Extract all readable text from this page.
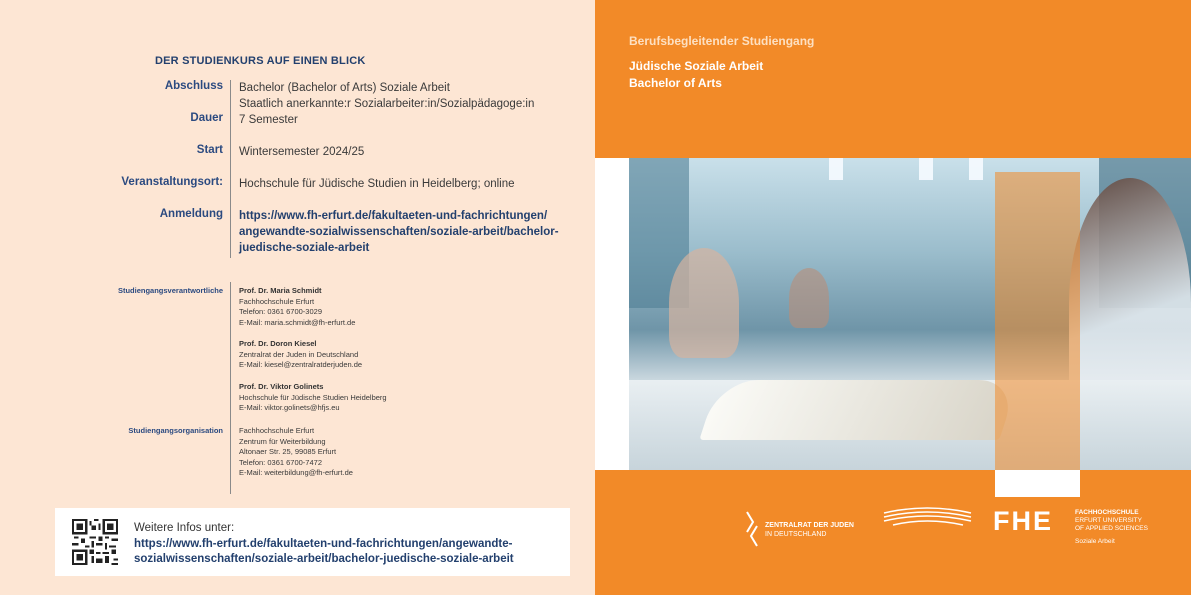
DER STUDIENKURS AUF EINEN BLICK
Abschluss Bachelor (Bachelor of Arts) Soziale Arbeit
Staatlich anerkannte:r Sozialarbeiter:in/Sozialpädagoge:in
Dauer 7 Semester
Start Wintersemester 2024/25
Veranstaltungsort: Hochschule für Jüdische Studien in Heidelberg; online
Anmeldung https://www.fh-erfurt.de/fakultaeten-und-fachrichtungen/
angewandte-sozialwissenschaften/soziale-arbeit/bachelor-
juedische-soziale-arbeit
Studiengangsverantwortliche Prof. Dr. Maria Schmidt
Fachhochschule Erfurt
Telefon: 0361 6700-3029
E-Mail: maria.schmidt@fh-erfurt.de
Prof. Dr. Doron Kiesel
Zentralrat der Juden in Deutschland
E-Mail: kiesel@zentralratderjuden.de
Prof. Dr. Viktor Golinets
Hochschule für Jüdische Studien Heidelberg
E-Mail: viktor.golinets@hfjs.eu
Studiengangsorganisation Fachhochschule Erfurt
Zentrum für Weiterbildung
Altonaer Str. 25, 99085 Erfurt
Telefon: 0361 6700-7472
E-Mail: weiterbildung@fh-erfurt.de
Weitere Infos unter:
https://www.fh-erfurt.de/fakultaeten-und-fachrichtungen/angewandte-
sozialwissenschaften/soziale-arbeit/bachelor-juedische-soziale-arbeit
Berufsbegleitender Studiengang
Jüdische Soziale Arbeit
Bachelor of Arts
ZENTRALRAT DER JUDEN
IN DEUTSCHLAND	FHE	FACHHOCHSCHULE
ERFURT UNIVERSITY
OF APPLIED SCIENCES
Soziale Arbeit
